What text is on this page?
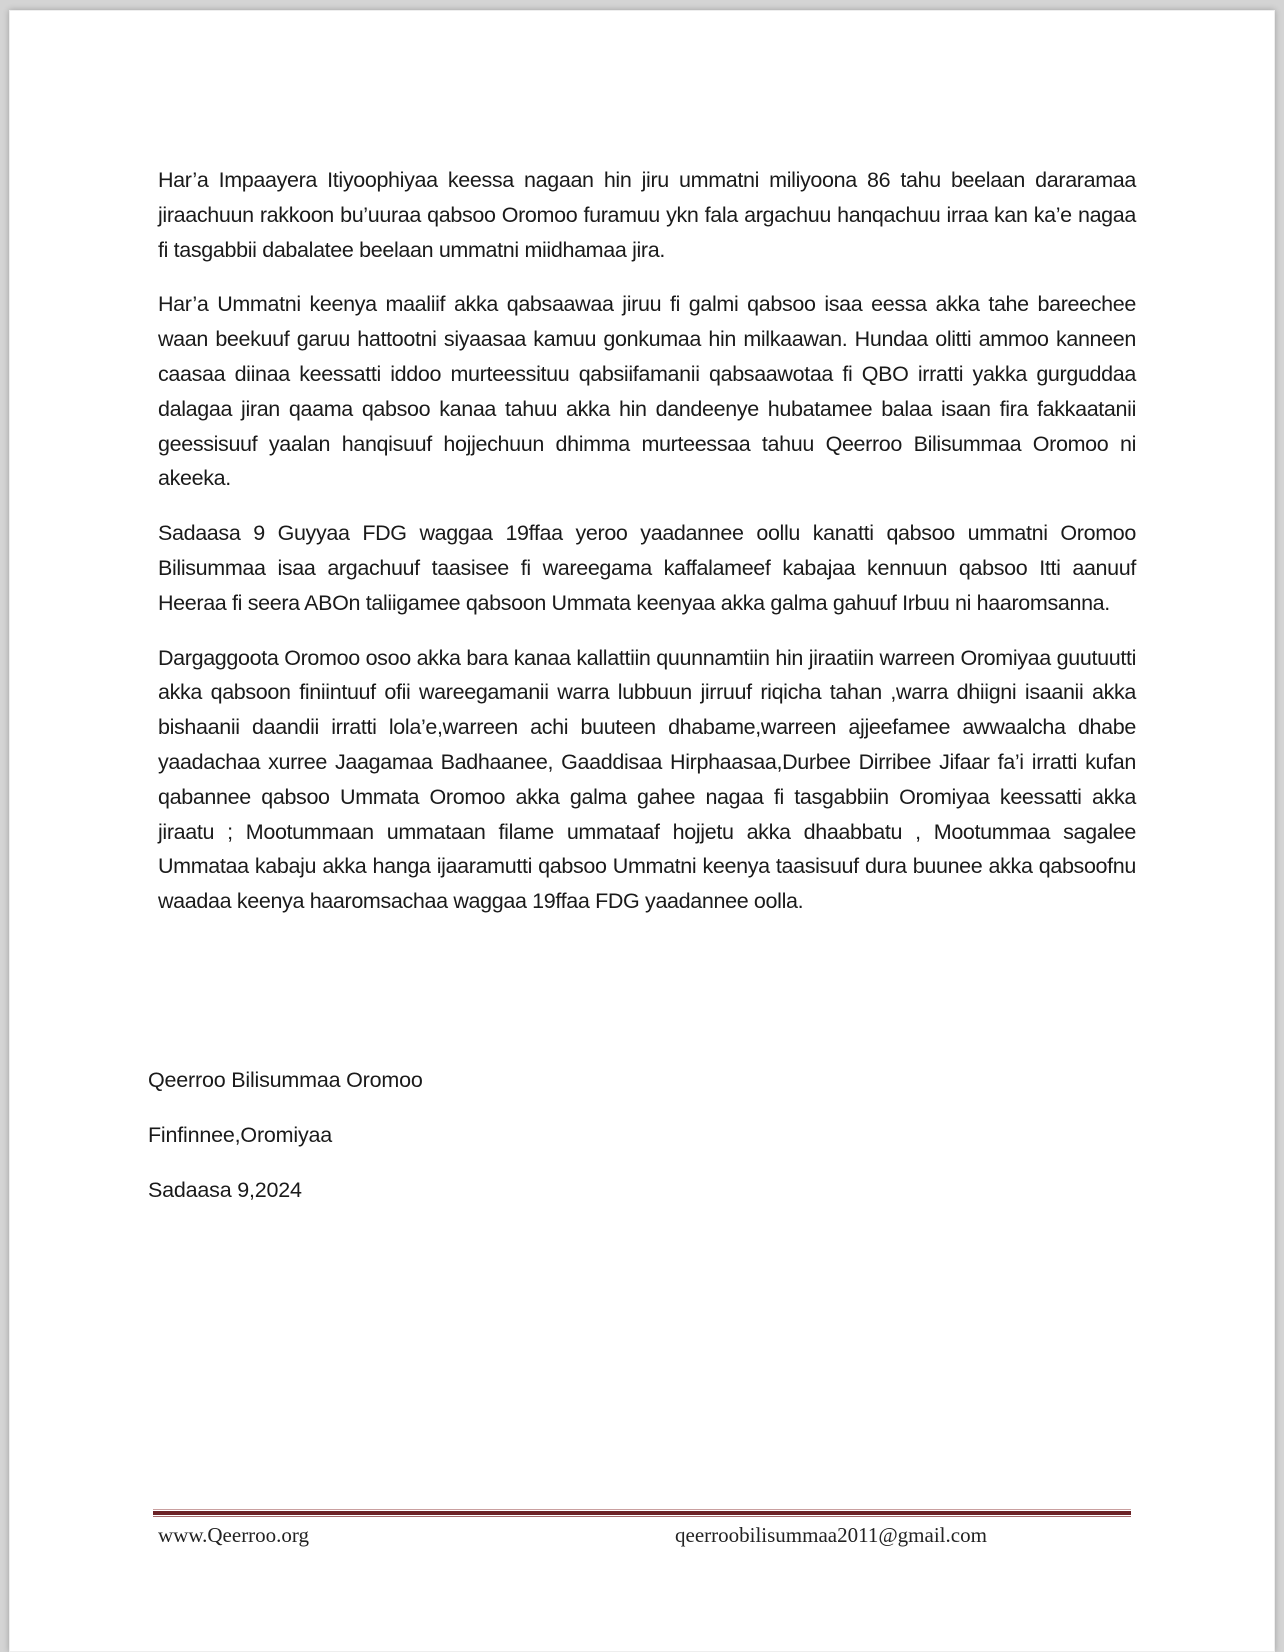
Har’a Impaayera Itiyoophiyaa keessa nagaan hin jiru ummatni miliyoona 86 tahu beelaan dararamaa jiraachuun rakkoon bu’uuraa qabsoo Oromoo furamuu ykn fala argachuu hanqachuu irraa kan ka’e nagaa fi tasgabbii dabalatee beelaan ummatni miidhamaa jira.

Har’a Ummatni keenya maaliif akka qabsaawaa jiruu fi galmi qabsoo isaa eessa akka tahe bareechee waan beekuuf garuu hattootni siyaasaa kamuu gonkumaa hin milkaawan. Hundaa olitti ammoo kanneen caasaa diinaa keessatti iddoo murteessituu qabsiifamanii qabsaawotaa fi QBO irratti yakka gurguddaa dalagaa jiran qaama qabsoo kanaa tahuu akka hin dandeenye hubatamee balaa isaan fira fakkaatanii geessisuuf yaalan hanqisuuf hojjechuun dhimma murteessaa tahuu Qeerroo Bilisummaa Oromoo ni akeeka.

Sadaasa 9 Guyyaa FDG waggaa 19ffaa yeroo yaadannee oollu kanatti qabsoo ummatni Oromoo Bilisummaa isaa argachuuf taasisee fi wareegama kaffalameef kabajaa kennuun qabsoo Itti aanuuf Heeraa fi seera ABOn taliigamee qabsoon Ummata keenyaa akka galma gahuuf Irbuu ni haaromsanna.

Dargaggoota Oromoo osoo akka bara kanaa kallattiin quunnamtiin hin jiraatiin warreen Oromiyaa guutuutti akka qabsoon finiintuuf ofii wareegamanii warra lubbuun jirruuf riqicha tahan ,warra dhiigni isaanii akka bishaanii daandii irratti lola’e,warreen achi buuteen dhabame,warreen ajjeefamee awwaalcha dhabe yaadachaa xurree Jaagamaa Badhaanee, Gaaddisaa Hirphaasaa,Durbee Dirribee Jifaar fa’i irratti kufan qabannee qabsoo Ummata Oromoo akka galma gahee nagaa fi tasgabbiin Oromiyaa keessatti akka jiraatu ; Mootummaan ummataan filame ummataaf hojjetu akka dhaabbatu , Mootummaa sagalee Ummataa kabaju akka hanga ijaaramutti qabsoo Ummatni keenya taasisuuf dura buunee akka qabsoofnu waadaa keenya haaromsachaa waggaa 19ffaa FDG yaadannee oolla.

Qeerroo Bilisummaa Oromoo
Finfinnee,Oromiyaa
Sadaasa 9,2024
www.Qeerroo.org	qeerroobilisummaa2011@gmail.com
